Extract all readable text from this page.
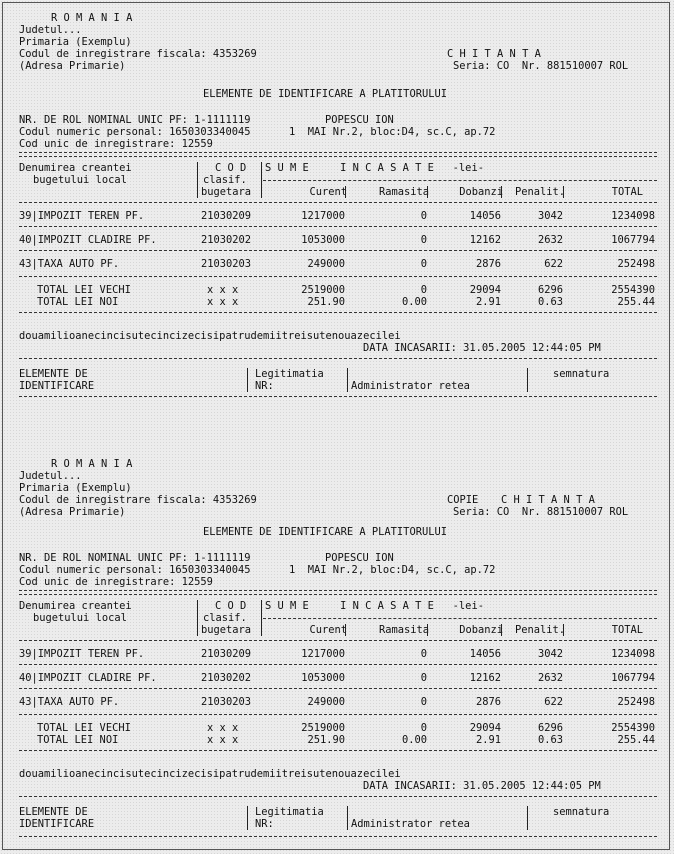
R O M A N I A
Judetul...
Primaria (Exemplu)
Codul de inregistrare fiscala: 4353269	C H I T A N T A
(Adresa Primarie)	Seria: CO  Nr. 881510007 ROL
ELEMENTE DE IDENTIFICARE A PLATITORULUI
NR. DE ROL NOMINAL UNIC PF: 1-1111119	POPESCU ION
Codul numeric personal: 1650303340045	1  MAI Nr.2, bloc:D4, sc.C, ap.72
Cod unic de inregistrare: 12559
Denumirea creantei
bugetului local
C O D
clasif.
bugetara
S U M E     I N C A S A T E   -lei-
Curent	Ramasita	Dobanzi Penalit.	TOTAL
39|IMPOZIT TEREN PF.	21030209	1217000	0	14056	3042	1234098
40|IMPOZIT CLADIRE PF.	21030202	1053000	0	12162	2632	1067794
43|TAXA AUTO PF.	21030203	249000	0	2876	622	252498
TOTAL LEI VECHI	x x x	2519000	0	29094	6296	2554390
TOTAL LEI NOI	x x x	251.90	0.00	2.91	0.63	255.44
douamilioanecincisutecincizecisipatrudemiitreisutenouazecilei
DATA INCASARII: 31.05.2005 12:44:05 PM
ELEMENTE DE
IDENTIFICARE
Legitimatia
NR:	Administrator retea
semnatura
R O M A N I A
Judetul...
Primaria (Exemplu)
Codul de inregistrare fiscala: 4353269	COPIE C H I T A N T A
(Adresa Primarie)	Seria: CO  Nr. 881510007 ROL
ELEMENTE DE IDENTIFICARE A PLATITORULUI
NR. DE ROL NOMINAL UNIC PF: 1-1111119	POPESCU ION
Codul numeric personal: 1650303340045	1  MAI Nr.2, bloc:D4, sc.C, ap.72
Cod unic de inregistrare: 12559
Denumirea creantei
bugetului local
C O D
clasif.
bugetara
S U M E     I N C A S A T E   -lei-
Curent	Ramasita	Dobanzi Penalit.	TOTAL
39|IMPOZIT TEREN PF.	21030209	1217000	0	14056	3042	1234098
40|IMPOZIT CLADIRE PF.	21030202	1053000	0	12162	2632	1067794
43|TAXA AUTO PF.	21030203	249000	0	2876	622	252498
TOTAL LEI VECHI	x x x	2519000	0	29094	6296	2554390
TOTAL LEI NOI	x x x	251.90	0.00	2.91	0.63	255.44
douamilioanecincisutecincizecisipatrudemiitreisutenouazecilei
DATA INCASARII: 31.05.2005 12:44:05 PM
ELEMENTE DE
IDENTIFICARE
Legitimatia
NR:	Administrator retea
semnatura
